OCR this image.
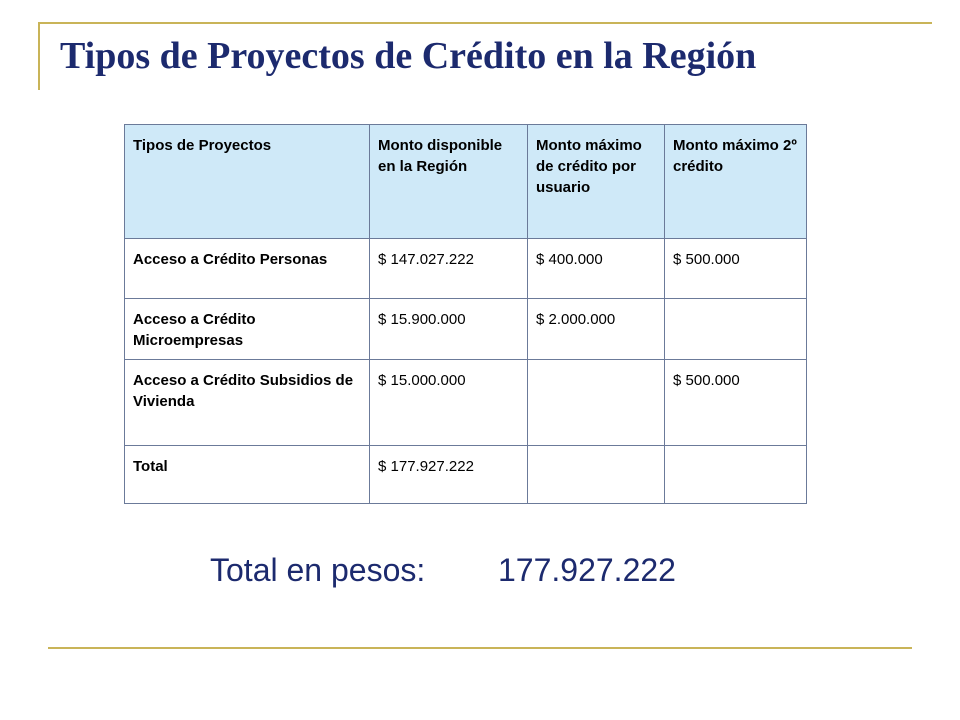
Tipos de Proyectos de Crédito en la Región
Tipos de Proyectos	Monto disponible en la Región	Monto máximo de crédito por usuario	Monto máximo 2º crédito
Acceso a Crédito Personas	$ 147.027.222	$ 400.000	$ 500.000
Acceso a Crédito Microempresas	$ 15.900.000	$ 2.000.000	
Acceso a Crédito Subsidios de Vivienda	$ 15.000.000		$ 500.000
Total	$ 177.927.222		
Total en pesos: 177.927.222
